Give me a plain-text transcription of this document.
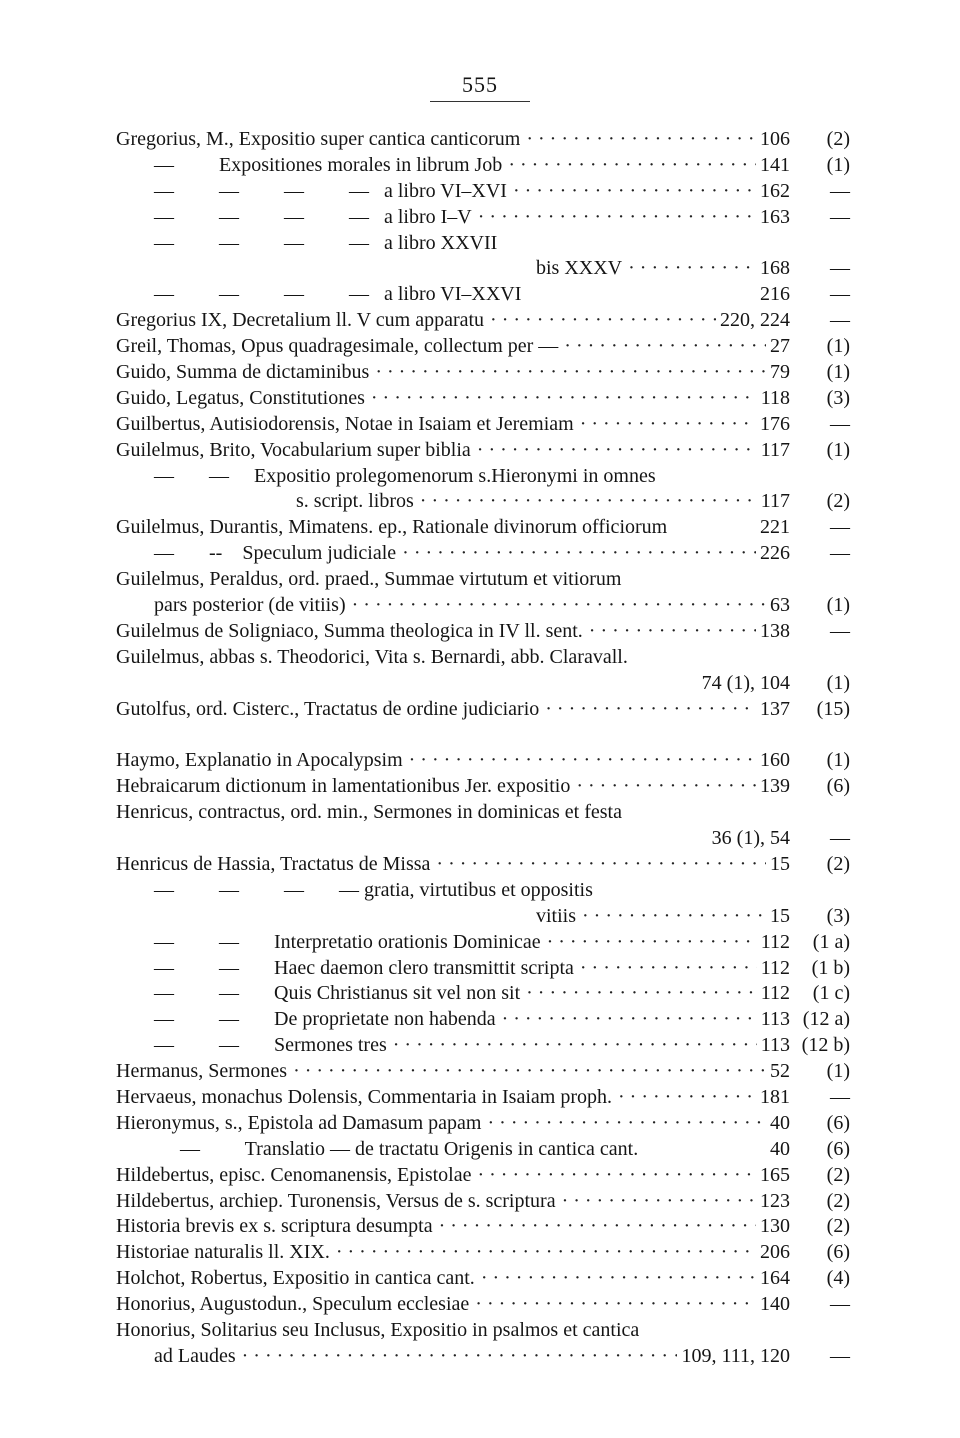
555
Gregorius, M., Expositio super cantica canticorum · · ·	106	(2)
—         Expositiones morales in librum Job · · ·	141	(1)
—         —         —         —   a libro VI–XVI · · ·	162	—
—         —         —         —   a libro I–V · · ·	163	—
—         —         —         —   a libro XXVII
bis XXXV · · ·	168	—
—         —         —         —   a libro VI–XXVI	216	—
Gregorius IX, Decretalium ll. V cum apparatu · · ·	220, 224	—
Greil, Thomas, Opus quadragesimale, collectum per — · · ·	27	(1)
Guido, Summa de dictaminibus · · ·	79	(1)
Guido, Legatus, Constitutiones · · ·	118	(3)
Guilbertus, Autisiodorensis, Notae in Isaiam et Jeremiam · · ·	176	—
Guilelmus, Brito, Vocabularium super biblia · · ·	117	(1)
—       —     Expositio prolegomenorum s.Hieronymi in omnes
s. script. libros · · ·	117	(2)
Guilelmus, Durantis, Mimatens. ep., Rationale divinorum officiorum	221	—
—       --    Speculum judiciale · · ·	226	—
Guilelmus, Peraldus, ord. praed., Summae virtutum et vitiorum
pars posterior (de vitiis) · · ·	63	(1)
Guilelmus de Soligniaco, Summa theologica in IV ll. sent. · · ·	138	—
Guilelmus, abbas s. Theodorici, Vita s. Bernardi, abb. Claravall.
74 (1), 104	(1)
Gutolfus, ord. Cisterc., Tractatus de ordine judiciario · · ·	137	(15)
Haymo, Explanatio in Apocalypsim · · ·	160	(1)
Hebraicarum dictionum in lamentationibus Jer. expositio · · ·	139	(6)
Henricus, contractus, ord. min., Sermones in dominicas et festa
36 (1), 54	—
Henricus de Hassia, Tractatus de Missa · · ·	15	(2)
—         —         —       — gratia, virtutibus et oppositis
vitiis · · ·	15	(3)
—         —       Interpretatio orationis Dominicae · · ·	112	(1 a)
—         —       Haec daemon clero transmittit scripta · · ·	112	(1 b)
—         —       Quis Christianus sit vel non sit · · ·	112	(1 c)
—         —       De proprietate non habenda · · ·	113 (12 a)
—         —       Sermones tres · · ·	113 (12 b)
Hermanus, Sermones · · ·	52	(1)
Hervaeus, monachus Dolensis, Commentaria in Isaiam proph. · · ·	181	—
Hieronymus, s., Epistola ad Damasum papam · · ·	40	(6)
—         Translatio — de tractatu Origenis in cantica cant.	40	(6)
Hildebertus, episc. Cenomanensis, Epistolae · · ·	165	(2)
Hildebertus, archiep. Turonensis, Versus de s. scriptura · · ·	123	(2)
Historia brevis ex s. scriptura desumpta · · ·	130	(2)
Historiae naturalis ll. XIX. · · ·	206	(6)
Holchot, Robertus, Expositio in cantica cant. · · ·	164	(4)
Honorius, Augustodun., Speculum ecclesiae · · ·	140	—
Honorius, Solitarius seu Inclusus, Expositio in psalmos et cantica
ad Laudes · · ·	109, 111, 120	—
